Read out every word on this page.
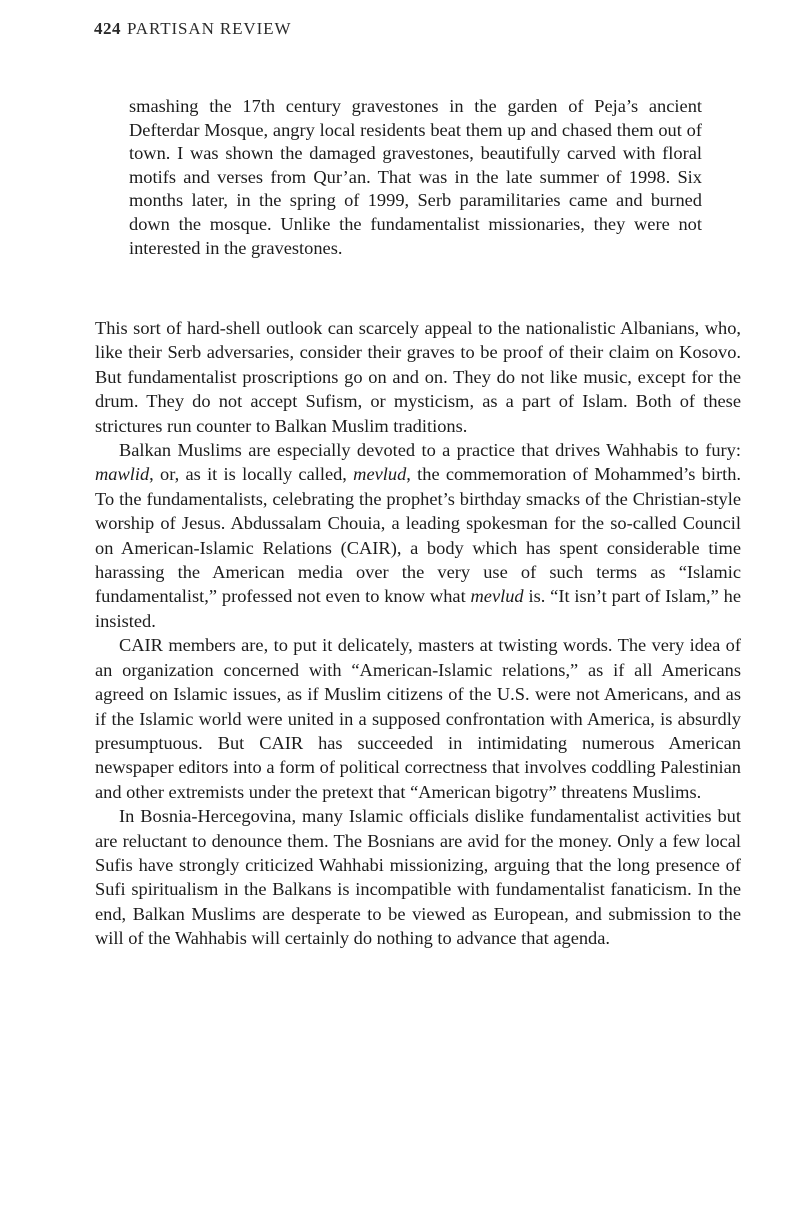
424 PARTISAN REVIEW

smashing the 17th century gravestones in the garden of Peja’s ancient Defterdar Mosque, angry local residents beat them up and chased them out of town. I was shown the damaged gravestones, beautifully carved with floral motifs and verses from Qur’an. That was in the late summer of 1998. Six months later, in the spring of 1999, Serb paramilitaries came and burned down the mosque. Unlike the fundamentalist missionaries, they were not interested in the gravestones.

This sort of hard-shell outlook can scarcely appeal to the nationalistic Albanians, who, like their Serb adversaries, consider their graves to be proof of their claim on Kosovo. But fundamentalist proscriptions go on and on. They do not like music, except for the drum. They do not accept Sufism, or mysticism, as a part of Islam. Both of these strictures run counter to Balkan Muslim traditions.

Balkan Muslims are especially devoted to a practice that drives Wahhabis to fury: mawlid, or, as it is locally called, mevlud, the commemoration of Mohammed’s birth. To the fundamentalists, celebrating the prophet’s birthday smacks of the Christian-style worship of Jesus. Abdussalam Chouia, a leading spokesman for the so-called Council on American-Islamic Relations (CAIR), a body which has spent considerable time harassing the American media over the very use of such terms as “Islamic fundamentalist,” professed not even to know what mevlud is. “It isn’t part of Islam,” he insisted.

CAIR members are, to put it delicately, masters at twisting words. The very idea of an organization concerned with “American-Islamic relations,” as if all Americans agreed on Islamic issues, as if Muslim citizens of the U.S. were not Americans, and as if the Islamic world were united in a supposed confrontation with America, is absurdly presumptuous. But CAIR has succeeded in intimidating numerous American newspaper editors into a form of political correctness that involves coddling Palestinian and other extremists under the pretext that “American bigotry” threatens Muslims.

In Bosnia-Hercegovina, many Islamic officials dislike fundamentalist activities but are reluctant to denounce them. The Bosnians are avid for the money. Only a few local Sufis have strongly criticized Wahhabi missionizing, arguing that the long presence of Sufi spiritualism in the Balkans is incompatible with fundamentalist fanaticism. In the end, Balkan Muslims are desperate to be viewed as European, and submission to the will of the Wahhabis will certainly do nothing to advance that agenda.
